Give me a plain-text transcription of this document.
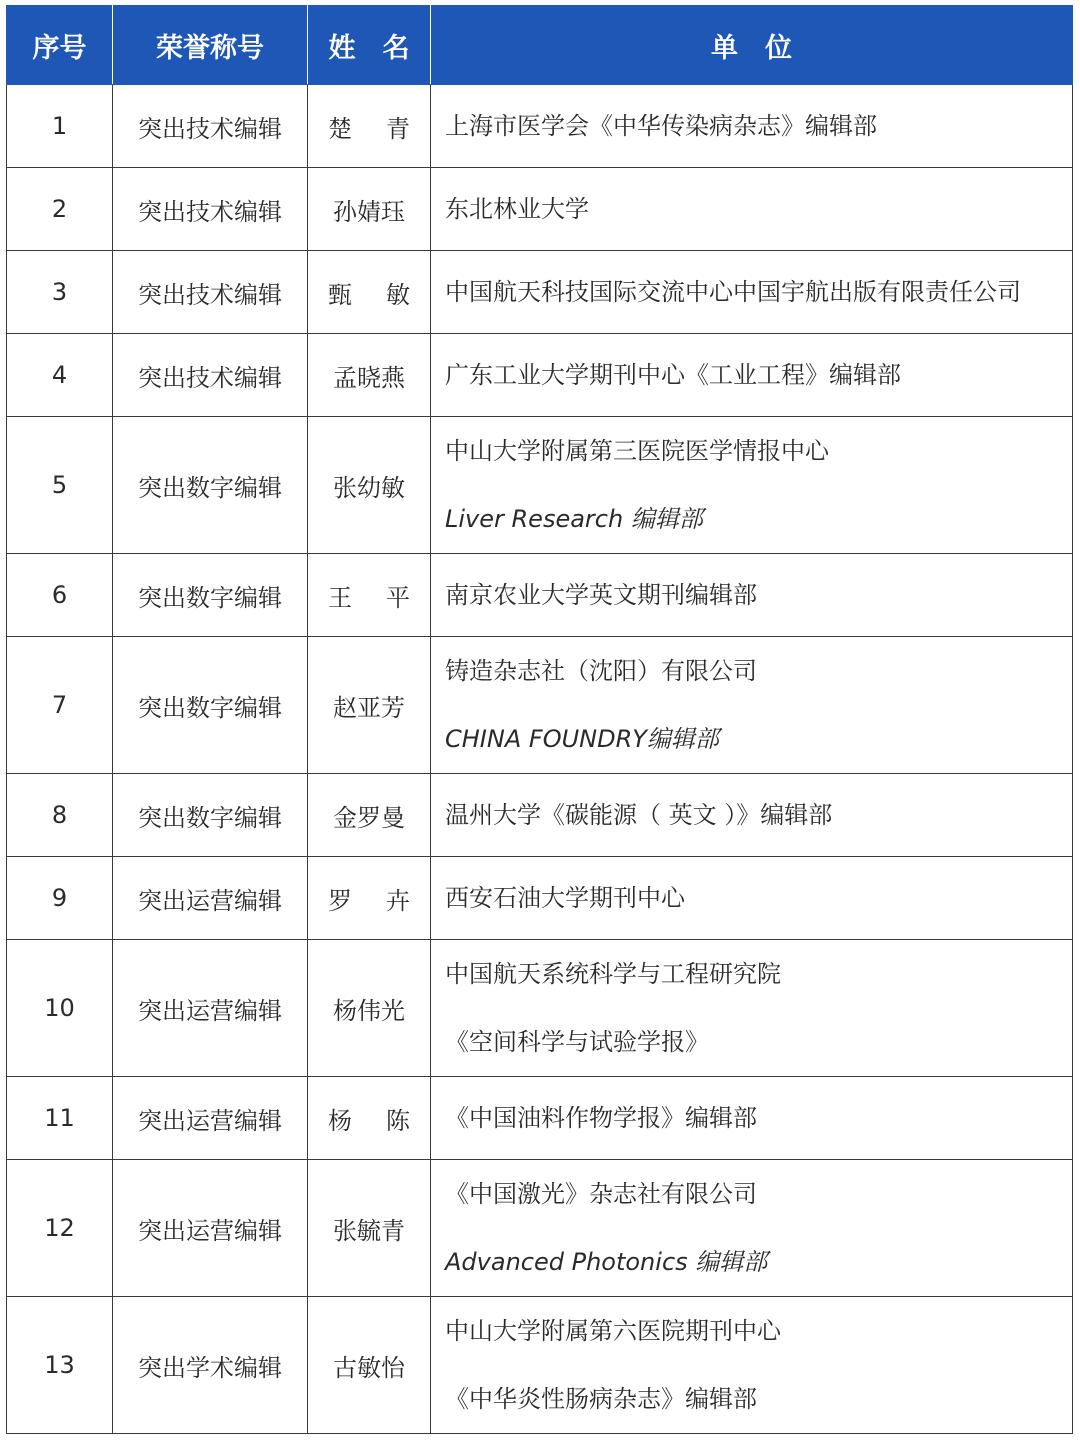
序号	荣誉称号	姓　名	单　位
1	突出技术编辑	楚 青	上海市医学会《中华传染病杂志》编辑部

2	突出技术编辑	孙婧珏	东北林业大学

3	突出技术编辑	甄 敏	中国航天科技国际交流中心中国宇航出版有限责任公司

4	突出技术编辑	孟晓燕	广东工业大学期刊中心《工业工程》编辑部

5	突出数字编辑	张幼敏	中山大学附属第三医院医学情报中心
Liver Research 编辑部

6	突出数字编辑	王 平	南京农业大学英文期刊编辑部

7	突出数字编辑	赵亚芳	铸造杂志社（沈阳）有限公司
CHINA FOUNDRY编辑部

8	突出数字编辑	金罗曼	温州大学《碳能源（ 英文 ）》编辑部

9	突出运营编辑	罗 卉	西安石油大学期刊中心

10	突出运营编辑	杨伟光	中国航天系统科学与工程研究院
《空间科学与试验学报》

11	突出运营编辑	杨 陈	《中国油料作物学报》编辑部

12	突出运营编辑	张毓青	《中国激光》杂志社有限公司
Advanced Photonics 编辑部

13	突出学术编辑	古敏怡	中山大学附属第六医院期刊中心
《中华炎性肠病杂志》编辑部
